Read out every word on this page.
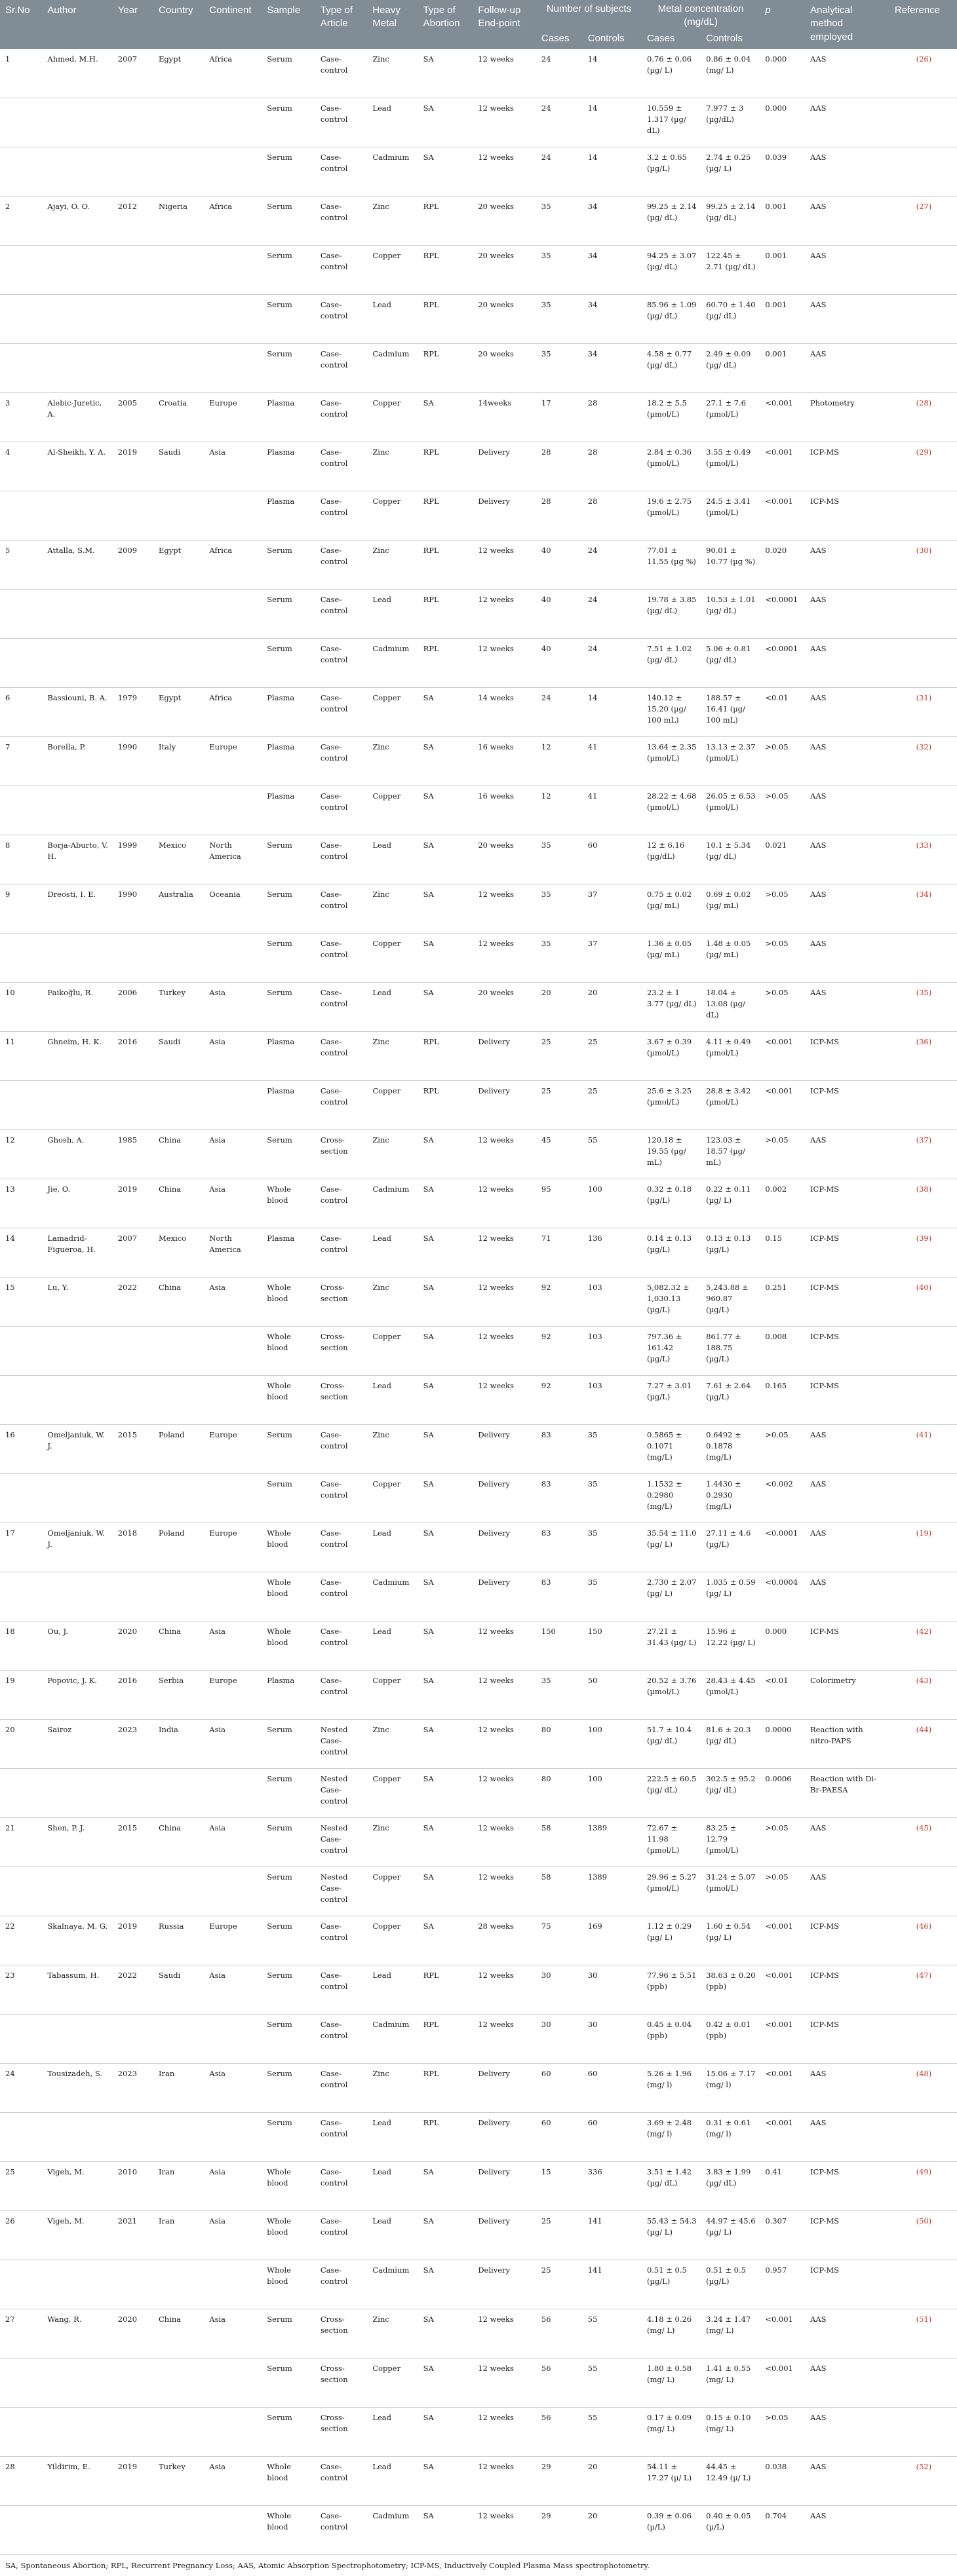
Sr.No	Author	Year	Country	Continent	Sample	Type of Article	Heavy Metal	Type of Abortion	Follow-up End-point	Number of subjects		Metal concentration (mg/dL)		p	Analytical method employed	Reference
										Cases	Controls	Cases	Controls			
1	Ahmed, M.H.	2007	Egypt	Africa	Serum	Case-control	Zinc	SA	12 weeks	24	14	0.76 ± 0.06 (µg/ L)	0.86 ± 0.04 (mg/ L)	0.000	AAS	(26)
					Serum	Case-control	Lead	SA	12 weeks	24	14	10.559 ± 1.317 (µg/ dL)	7.977 ± 3 (µg/dL)	0.000	AAS	
					Serum	Case-control	Cadmium	SA	12 weeks	24	14	3.2 ± 0.65 (µg/L)	2.74 ± 0.25 (µg/ L)	0.039	AAS	
2	Ajayi, O. O.	2012	Nigeria	Africa	Serum	Case-control	Zinc	RPL	20 weeks	35	34	99.25 ± 2.14 (µg/ dL)	99.25 ± 2.14 (µg/ dL)	0.001	AAS	(27)
					Serum	Case-control	Copper	RPL	20 weeks	35	34	94.25 ± 3.07 (µg/ dL)	122.45 ± 2.71 (µg/ dL)	0.001	AAS	
					Serum	Case-control	Lead	RPL	20 weeks	35	34	85.96 ± 1.09 (µg/ dL)	60.70 ± 1.40 (µg/ dL)	0.001	AAS	
					Serum	Case-control	Cadmium	RPL	20 weeks	35	34	4.58 ± 0.77 (µg/ dL)	2.49 ± 0.09 (µg/ dL)	0.001	AAS	
3	Alebic-Juretic, A.	2005	Croatia	Europe	Plasma	Case-control	Copper	SA	14weeks	17	28	18.2 ± 5.5 (µmol/L)	27.1 ± 7.6 (µmol/L)	<0.001	Photometry	(28)
4	Al-Sheikh, Y. A.	2019	Saudi	Asia	Plasma	Case-control	Zinc	RPL	Delivery	28	28	2.84 ± 0.36 (µmol/L)	3.55 ± 0.49 (µmol/L)	<0.001	ICP-MS	(29)
					Plasma	Case-control	Copper	RPL	Delivery	28	28	19.6 ± 2.75 (µmol/L)	24.5 ± 3.41 (µmol/L)	<0.001	ICP-MS	
5	Attalla, S.M.	2009	Egypt	Africa	Serum	Case-control	Zinc	RPL	12 weeks	40	24	77.01 ± 11.55 (µg %)	90.01 ± 10.77 (µg %)	0.020	AAS	(30)
					Serum	Case-control	Lead	RPL	12 weeks	40	24	19.78 ± 3.85 (µg/ dL)	10.53 ± 1.01 (µg/ dL)	<0.0001	AAS	
					Serum	Case-control	Cadmium	RPL	12 weeks	40	24	7.51 ± 1.02 (µg/ dL)	5.06 ± 0.81 (µg/ dL)	<0.0001	AAS	
6	Bassiouni, B. A.	1979	Egypt	Africa	Plasma	Case-control	Copper	SA	14 weeks	24	14	140.12 ± 15.20 (µg/ 100 mL)	188.57 ± 16.41 (µg/ 100 mL)	<0.01	AAS	(31)
7	Borella, P.	1990	Italy	Europe	Plasma	Case-control	Zinc	SA	16 weeks	12	41	13.64 ± 2.35 (µmol/L)	13.13 ± 2.37 (µmol/L)	>0.05	AAS	(32)
					Plasma	Case-control	Copper	SA	16 weeks	12	41	28.22 ± 4.68 (µmol/L)	26.05 ± 6.53 (µmol/L)	>0.05	AAS	
8	Borja-Aburto, V. H.	1999	Mexico	North America	Serum	Case-control	Lead	SA	20 weeks	35	60	12 ± 6.16 (µg/dL)	10.1 ± 5.34 (µg/ dL)	0.021	AAS	(33)
9	Dreosti, I. E.	1990	Australia	Oceania	Serum	Case-control	Zinc	SA	12 weeks	35	37	0.75 ± 0.02 (µg/ mL)	0.69 ± 0.02 (µg/ mL)	>0.05	AAS	(34)
					Serum	Case-control	Copper	SA	12 weeks	35	37	1.36 ± 0.05 (µg/ mL)	1.48 ± 0.05 (µg/ mL)	>0.05	AAS	
10	Faikoğlu, R.	2006	Turkey	Asia	Serum	Case-control	Lead	SA	20 weeks	20	20	23.2 ± 1 3.77 (µg/ dL)	18.04 ± 13.08 (µg/ dL)	>0.05	AAS	(35)
11	Ghneim, H. K.	2016	Saudi	Asia	Plasma	Case-control	Zinc	RPL	Delivery	25	25	3.67 ± 0.39 (µmol/L)	4.11 ± 0.49 (µmol/L)	<0.001	ICP-MS	(36)
					Plasma	Case-control	Copper	RPL	Delivery	25	25	25.6 ± 3.25 (µmol/L)	28.8 ± 3.42 (µmol/L)	<0.001	ICP-MS	
12	Ghosh, A.	1985	China	Asia	Serum	Cross-section	Zinc	SA	12 weeks	45	55	120.18 ± 19.55 (µg/ mL)	123.03 ± 18.57 (µg/ mL)	>0.05	AAS	(37)
13	Jie, O.	2019	China	Asia	Whole blood	Case-control	Cadmium	SA	12 weeks	95	100	0.32 ± 0.18 (µg/L)	0.22 ± 0.11 (µg/ L)	0.002	ICP-MS	(38)
14	Lamadrid-Figueroa, H.	2007	Mexico	North America	Plasma	Case-control	Lead	SA	12 weeks	71	136	0.14 ± 0.13 (µg/L)	0.13 ± 0.13 (µg/L)	0.15	ICP-MS	(39)
15	Lu, Y.	2022	China	Asia	Whole blood	Cross-section	Zinc	SA	12 weeks	92	103	5,082.32 ± 1,030.13 (µg/L)	5,243.88 ± 960.87 (µg/L)	0.251	ICP-MS	(40)
					Whole blood	Cross-section	Copper	SA	12 weeks	92	103	797.36 ± 161.42 (µg/L)	861.77 ± 188.75 (µg/L)	0.008	ICP-MS	
					Whole blood	Cross-section	Lead	SA	12 weeks	92	103	7.27 ± 3.01 (µg/L)	7.61 ± 2.64 (µg/L)	0.165	ICP-MS	
16	Omeljaniuk, W. J.	2015	Poland	Europe	Serum	Case-control	Zinc	SA	Delivery	83	35	0.5865 ± 0.1071 (mg/L)	0.6492 ± 0.1878 (mg/L)	>0.05	AAS	(41)
					Serum	Case-control	Copper	SA	Delivery	83	35	1.1532 ± 0.2980 (mg/L)	1.4430 ± 0.2930 (mg/L)	<0.002	AAS	
17	Omeljaniuk, W. J.	2018	Poland	Europe	Whole blood	Case-control	Lead	SA	Delivery	83	35	35.54 ± 11.0 (µg/ L)	27.11 ± 4.6 (µg/L)	<0.0001	AAS	(19)
					Whole blood	Case-control	Cadmium	SA	Delivery	83	35	2.730 ± 2.07 (µg/ L)	1.035 ± 0.59 (µg/ L)	<0.0004	AAS	
18	Ou, J.	2020	China	Asia	Whole blood	Case-control	Lead	SA	12 weeks	150	150	27.21 ± 31.43 (µg/ L)	15.96 ± 12.22 (µg/ L)	0.000	ICP-MS	(42)
19	Popovic, J. K.	2016	Serbia	Europe	Plasma	Case-control	Copper	SA	12 weeks	35	50	20.52 ± 3.76 (µmol/L)	28.43 ± 4.45 (µmol/L)	<0.01	Colorimetry	(43)
20	Sairoz	2023	India	Asia	Serum	Nested Case-control	Zinc	SA	12 weeks	80	100	51.7 ± 10.4 (µg/ dL)	81.6 ± 20.3 (µg/ dL)	0.0000	Reaction with nitro-PAPS	(44)
					Serum	Nested Case-control	Copper	SA	12 weeks	80	100	222.5 ± 60.5 (µg/ dL)	302.5 ± 95.2 (µg/ dL)	0.0006	Reaction with Di-Br-PAESA	
21	Shen, P. J.	2015	China	Asia	Serum	Nested Case-control	Zinc	SA	12 weeks	58	1389	72.67 ± 11.98 (µmol/L)	83.25 ± 12.79 (µmol/L)	>0.05	AAS	(45)
					Serum	Nested Case-control	Copper	SA	12 weeks	58	1389	29.96 ± 5.27 (µmol/L)	31.24 ± 5.07 (µmol/L)	>0.05	AAS	
22	Skalnaya, M. G.	2019	Russia	Europe	Serum	Case-control	Copper	SA	28 weeks	75	169	1.12 ± 0.29 (µg/ L)	1.60 ± 0.54 (µg/ L)	<0.001	ICP-MS	(46)
23	Tabassum, H.	2022	Saudi	Asia	Serum	Case-control	Lead	RPL	12 weeks	30	30	77.96 ± 5.51 (ppb)	38.63 ± 0.20 (ppb)	<0.001	ICP-MS	(47)
					Serum	Case-control	Cadmium	RPL	12 weeks	30	30	0.45 ± 0.04 (ppb)	0.42 ± 0.01 (ppb)	<0.001	ICP-MS	
24	Tousizadeh, S.	2023	Iran	Asia	Serum	Case-control	Zinc	RPL	Delivery	60	60	5.26 ± 1.96 (mg/ l)	15.06 ± 7.17 (mg/ l)	<0.001	AAS	(48)
					Serum	Case-control	Lead	RPL	Delivery	60	60	3.69 ± 2.48 (mg/ l)	0.31 ± 0.61 (mg/ l)	<0.001	AAS	
25	Vigeh, M.	2010	Iran	Asia	Whole blood	Case-control	Lead	SA	Delivery	15	336	3.51 ± 1.42 (µg/ dL)	3.83 ± 1.99 (µg/ dL)	0.41	ICP-MS	(49)
26	Vigeh, M.	2021	Iran	Asia	Whole blood	Case-control	Lead	SA	Delivery	25	141	55.43 ± 54.3 (µg/ L)	44.97 ± 45.6 (µg/ L)	0.307	ICP-MS	(50)
					Whole blood	Case-control	Cadmium	SA	Delivery	25	141	0.51 ± 0.5 (µg/L)	0.51 ± 0.5 (µg/L)	0.957	ICP-MS	
27	Wang, R.	2020	China	Asia	Serum	Cross-section	Zinc	SA	12 weeks	56	55	4.18 ± 0.26 (mg/ L)	3.24 ± 1.47 (mg/ L)	<0.001	AAS	(51)
					Serum	Cross-section	Copper	SA	12 weeks	56	55	1.80 ± 0.58 (mg/ L)	1.41 ± 0.55 (mg/ L)	<0.001	AAS	
					Serum	Cross-section	Lead	SA	12 weeks	56	55	0.17 ± 0.09 (mg/ L)	0.15 ± 0.10 (mg/ L)	>0.05	AAS	
28	Yildirim, E.	2019	Turkey	Asia	Whole blood	Case-control	Lead	SA	12 weeks	29	20	54.11 ± 17.27 (µ/ L)	44.45 ± 12.49 (µ/ L)	0.038	AAS	(52)
					Whole blood	Case-control	Cadmium	SA	12 weeks	29	20	0.39 ± 0.06 (µ/L)	0.40 ± 0.05 (µ/L)	0.704	AAS	
SA, Spontaneous Abortion; RPL, Recurrent Pregnancy Loss; AAS, Atomic Absorption Spectrophotometry; ICP-MS, Inductively Coupled Plasma Mass spectrophotometry.																
